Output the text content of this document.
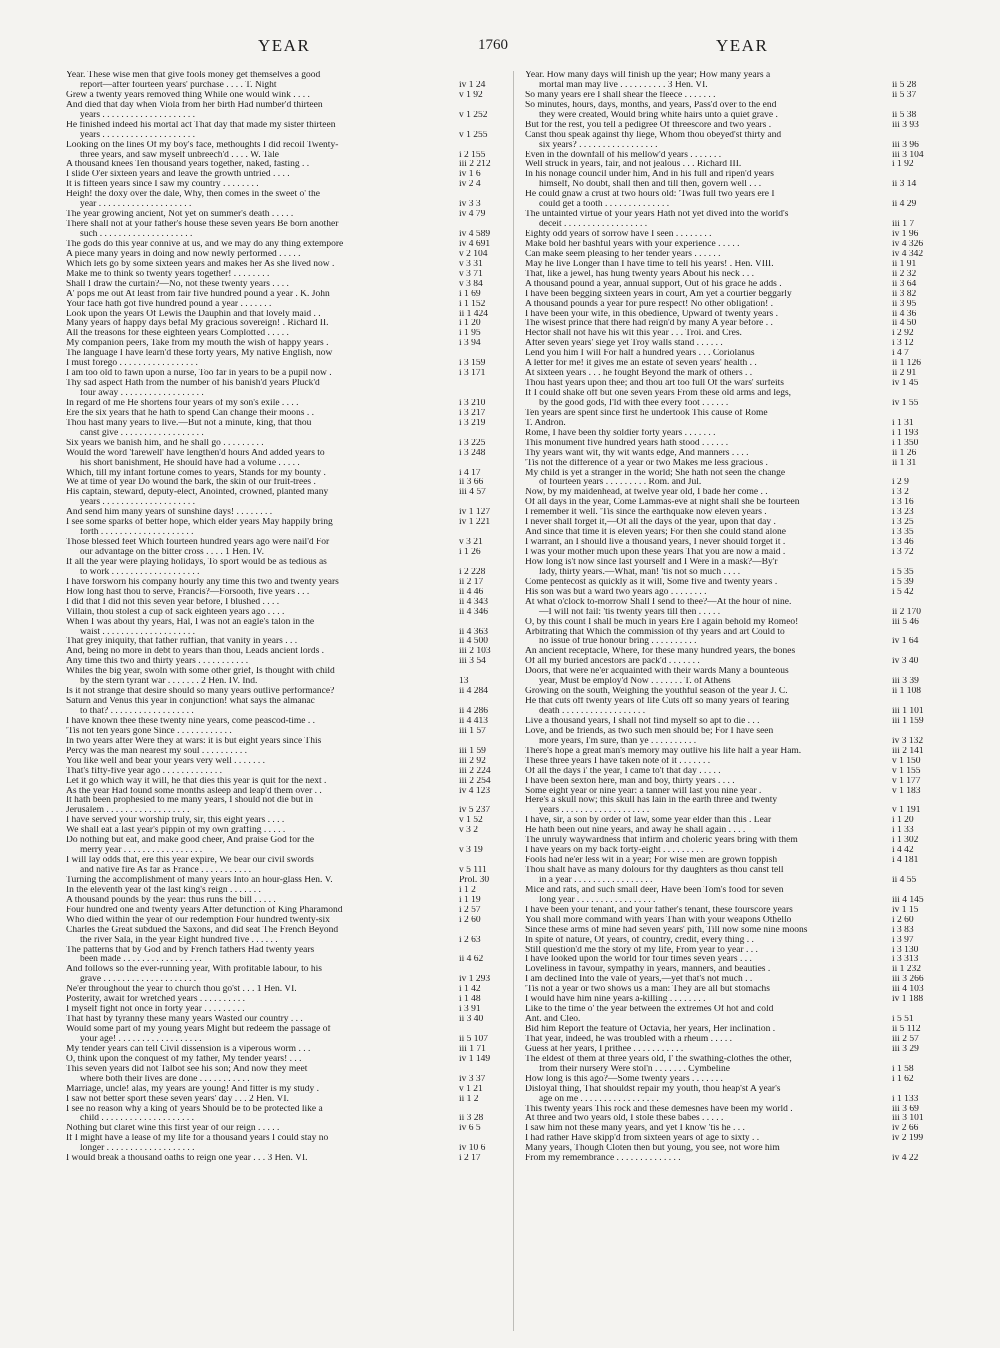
YEAR	1760	YEAR
Year. These wise men that give fools money get themselves a good
report—after fourteen years' purchase . . . . T. Night	iv 1 24
Grew a twenty years removed thing While one would wink . . . .	v 1 92
And died that day when Viola from her birth Had number'd thirteen
years . . . . . . . . . . . . . . . . . . . .	v 1 252
He finished indeed his mortal act That day that made my sister thirteen
years . . . . . . . . . . . . . . . . . . . .	v 1 255
Looking on the lines Of my boy's face, methoughts I did recoil Twenty-
three years, and saw myself unbreech'd . . . . W. Tale	i 2 155
A thousand knees Ten thousand years together, naked, fasting . .	iii 2 212
I slide O'er sixteen years and leave the growth untried . . . .	iv 1 6
It is fifteen years since I saw my country . . . . . . . .	iv 2 4
Heigh! the doxy over the dale, Why, then comes in the sweet o' the
year . . . . . . . . . . . . . . . . . . . .	iv 3 3
The year growing ancient, Not yet on summer's death . . . . .	iv 4 79
There shall not at your father's house these seven years Be born another
such . . . . . . . . . . . . . . . . . . . .	iv 4 589
The gods do this year connive at us, and we may do any thing extempore	iv 4 691
A piece many years in doing and now newly performed . . . . .	v 2 104
Which lets go by some sixteen years and makes her As she lived now .	v 3 31
Make me to think so twenty years together! . . . . . . . .	v 3 71
Shall I draw the curtain?—No, not these twenty years . . . .	v 3 84
A' pops me out At least from fair five hundred pound a year . K. John	i 1 69
Your face hath got five hundred pound a year . . . . . . .	i 1 152
Look upon the years Of Lewis the Dauphin and that lovely maid . .	ii 1 424
Many years of happy days befal My gracious sovereign! . Richard II.	i 1 20
All the treasons for these eighteen years Complotted . . . . .	i 1 95
My companion peers, Take from my mouth the wish of happy years .	i 3 94
The language I have learn'd these forty years, My native English, now
I must forego . . . . . . . . . . . . . . . . .	i 3 159
I am too old to fawn upon a nurse, Too far in years to be a pupil now .	i 3 171
Thy sad aspect Hath from the number of his banish'd years Pluck'd
four away . . . . . . . . . . . . . . . . . .
In regard of me He shortens four years of my son's exile . . . .	i 3 210
Ere the six years that he hath to spend Can change their moons . .	i 3 217
Thou hast many years to live.—But not a minute, king, that thou	i 3 219
canst give . . . . . . . . . . . . . . . . . .
Six years we banish him, and he shall go . . . . . . . . .	i 3 225
Would the word 'farewell' have lengthen'd hours And added years to	i 3 248
his short banishment, He should have had a volume . . . . .
Which, till my infant fortune comes to years, Stands for my bounty .	i 4 17
We at time of year Do wound the bark, the skin of our fruit-trees .	ii 3 66
His captain, steward, deputy-elect, Anointed, crowned, planted many	iii 4 57
years . . . . . . . . . . . . . . . . . . . .
And send him many years of sunshine days! . . . . . . . .	iv 1 127
I see some sparks of better hope, which elder years May happily bring	iv 1 221
forth . . . . . . . . . . . . . . . . . . . .
Those blessed feet Which fourteen hundred years ago were nail'd For	v 3 21
our advantage on the bitter cross . . . . 1 Hen. IV.	i 1 26
If all the year were playing holidays, To sport would be as tedious as
to work . . . . . . . . . . . . . . . . . . .	i 2 228
I have forsworn his company hourly any time this two and twenty years	ii 2 17
How long hast thou to serve, Francis?—Forsooth, five years . . .	ii 4 46
I did that I did not this seven year before, I blushed . . . .	ii 4 343
Villain, thou stolest a cup of sack eighteen years ago . . . .	ii 4 346
When I was about thy years, Hal, I was not an eagle's talon in the
waist . . . . . . . . . . . . . . . . . . . .	ii 4 363
That grey iniquity, that father ruffian, that vanity in years . . .	ii 4 500
And, being no more in debt to years than thou, Leads ancient lords .	iii 2 103
Any time this two and thirty years . . . . . . . . . . .	iii 3 54
Whiles the big year, swoln with some other grief, Is thought with child
by the stern tyrant war . . . . . . . 2 Hen. IV. Ind.	13
Is it not strange that desire should so many years outlive performance?	ii 4 284
Saturn and Venus this year in conjunction! what says the almanac
to that? . . . . . . . . . . . . . . . . . .	ii 4 286
I have known thee these twenty nine years, come peascod-time . .	ii 4 413
'Tis not ten years gone Since . . . . . . . . . . . .	iii 1 57
In two years after Were they at wars: it is but eight years since This
Percy was the man nearest my soul . . . . . . . . . .	iii 1 59
You like well and bear your years very well . . . . . . .	iii 2 92
That's fifty-five year ago . . . . . . . . . . . . .	iii 2 224
Let it go which way it will, he that dies this year is quit for the next .	iii 2 254
As the year Had found some months asleep and leap'd them over . .	iv 4 123
It hath been prophesied to me many years, I should not die but in
Jerusalem . . . . . . . . . . . . . . . . . .	iv 5 237
I have served your worship truly, sir, this eight years . . . .	v 1 52
We shall eat a last year's pippin of my own graffing . . . . .	v 3 2
Do nothing but eat, and make good cheer, And praise God for the
merry year . . . . . . . . . . . . . . . . .	v 3 19
I will lay odds that, ere this year expire, We bear our civil swords
and native fire As far as France . . . . . . . . . . .	v 5 111
Turning the accomplishment of many years Into an hour-glass Hen. V.	Prol. 30
In the eleventh year of the last king's reign . . . . . . .	i 1 2
A thousand pounds by the year: thus runs the bill . . . . .	i 1 19
Four hundred one and twenty years After defunction of King Pharamond	i 2 57
Who died within the year of our redemption Four hundred twenty-six	i 2 60
Charles the Great subdued the Saxons, and did seat The French Beyond
the river Sala, in the year Eight hundred five . . . . . .	i 2 63
The patterns that by God and by French fathers Had twenty years
been made . . . . . . . . . . . . . . . . .	ii 4 62
And follows so the ever-running year, With profitable labour, to his
grave . . . . . . . . . . . . . . . . . . . .	iv 1 293
Ne'er throughout the year to church thou go'st . . . 1 Hen. VI.	i 1 42
Posterity, await for wretched years . . . . . . . . . .	i 1 48
I myself fight not once in forty year . . . . . . . . .	i 3 91
That hast by tyranny these many years Wasted our country . . .	ii 3 40
Would some part of my young years Might but redeem the passage of
your age! . . . . . . . . . . . . . . . . . .	ii 5 107
My tender years can tell Civil dissension is a viperous worm . . .	iii 1 71
O, think upon the conquest of my father, My tender years! . . .	iv 1 149
This seven years did not Talbot see his son; And now they meet
where both their lives are done . . . . . . . . . . .	iv 3 37
Marriage, uncle! alas, my years are young! And fitter is my study .	v 1 21
I saw not better sport these seven years' day . . . 2 Hen. VI.	ii 1 2
I see no reason why a king of years Should be to be protected like a
child . . . . . . . . . . . . . . . . . . . .	ii 3 28
Nothing but claret wine this first year of our reign . . . . .	iv 6 5
If I might have a lease of my life for a thousand years I could stay no
longer . . . . . . . . . . . . . . . . . . .	iv 10 6
I would break a thousand oaths to reign one year . . . 3 Hen. VI.	i 2 17
Year. How many days will finish up the year; How many years a
mortal man may live . . . . . . . . . . 3 Hen. VI.	ii 5 28
So many years ere I shall shear the fleece . . . . . . .	ii 5 37
So minutes, hours, days, months, and years, Pass'd over to the end
they were created, Would bring white hairs unto a quiet grave .	ii 5 38
But for the rest, you tell a pedigree Of threescore and two years .	iii 3 93
Canst thou speak against thy liege, Whom thou obeyed'st thirty and
six years? . . . . . . . . . . . . . . . . .	iii 3 96
Even in the downfall of his mellow'd years . . . . . . .	iii 3 104
Well struck in years, fair, and not jealous . . . Richard III.	i 1 92
In his nonage council under him, And in his full and ripen'd years
himself, No doubt, shall then and till then, govern well . . .	ii 3 14
He could gnaw a crust at two hours old: 'Twas full two years ere I
could get a tooth . . . . . . . . . . . . . .	ii 4 29
The untainted virtue of your years Hath not yet dived into the world's
deceit . . . . . . . . . . . . . . . . . .	iii 1 7
Eighty odd years of sorrow have I seen . . . . . . . .	iv 1 96
Make bold her bashful years with your experience . . . . .	iv 4 326
Can make seem pleasing to her tender years . . . . . .	iv 4 342
May he live Longer than I have time to tell his years! . Hen. VIII.	ii 1 91
That, like a jewel, has hung twenty years About his neck . . .	ii 2 32
A thousand pound a year, annual support, Out of his grace he adds .	ii 3 64
I have been begging sixteen years in court, Am yet a courtier beggarly	ii 3 82
A thousand pounds a year for pure respect! No other obligation! .	ii 3 95
I have been your wife, in this obedience, Upward of twenty years .	ii 4 36
The wisest prince that there had reign'd by many A year before . .	ii 4 50
Hector shall not have his wit this year . . . Troi. and Cres.	i 2 92
After seven years' siege yet Troy walls stand . . . . . .	i 3 12
Lend you him I will For half a hundred years . . . Coriolanus	i 4 7
A letter for me! it gives me an estate of seven years' health . .	ii 1 126
At sixteen years . . . he fought Beyond the mark of others . .	ii 2 91
Thou hast years upon thee; and thou art too full Of the wars' surfeits	iv 1 45
If I could shake off but one seven years From these old arms and legs,
by the good gods, I'ld with thee every foot . . . . . .	iv 1 55
Ten years are spent since first he undertook This cause of Rome
T. Andron.	i 1 31
Rome, I have been thy soldier forty years . . . . . . .	i 1 193
This monument five hundred years hath stood . . . . . .	i 1 350
Thy years want wit, thy wit wants edge, And manners . . . .	ii 1 26
'Tis not the difference of a year or two Makes me less gracious .	ii 1 31
My child is yet a stranger in the world; She hath not seen the change
of fourteen years . . . . . . . . . Rom. and Jul.	i 2 9
Now, by my maidenhead, at twelve year old, I bade her come . .	i 3 2
Of all days in the year, Come Lammas-eve at night shall she be fourteen	i 3 16
I remember it well. 'Tis since the earthquake now eleven years .	i 3 23
I never shall forget it,—Of all the days of the year, upon that day .	i 3 25
And since that time it is eleven years; For then she could stand alone	i 3 35
I warrant, an I should live a thousand years, I never should forget it .	i 3 46
I was your mother much upon these years That you are now a maid .	i 3 72
How long is't now since last yourself and I Were in a mask?—By'r
lady, thirty years.—What, man! 'tis not so much . . . .	i 5 35
Come pentecost as quickly as it will, Some five and twenty years .	i 5 39
His son was but a ward two years ago . . . . . . . .	i 5 42
At what o'clock to-morrow Shall I send to thee?—At the hour of nine.
—I will not fail: 'tis twenty years till then . . . . .	ii 2 170
O, by this count I shall be much in years Ere I again behold my Romeo!	iii 5 46
Arbitrating that Which the commission of thy years and art Could to
no issue of true honour bring . . . . . . . . . .	iv 1 64
An ancient receptacle, Where, for these many hundred years, the bones
Of all my buried ancestors are pack'd . . . . . . .	iv 3 40
Doors, that were ne'er acquainted with their wards Many a bounteous
year, Must be employ'd Now . . . . . . . T. of Athens	iii 3 39
Growing on the south, Weighing the youthful season of the year J. C.	ii 1 108
He that cuts off twenty years of life Cuts off so many years of fearing
death . . . . . . . . . . . . . . . . . .	iii 1 101
Live a thousand years, I shall not find myself so apt to die . . .	iii 1 159
Love, and be friends, as two such men should be; For I have seen
more years, I'm sure, than ye . . . . . . . . . .	iv 3 132
There's hope a great man's memory may outlive his life half a year Ham.	iii 2 141
These three years I have taken note of it . . . . . . .	v 1 150
Of all the days i' the year, I came to't that day . . . . .	v 1 155
I have been sexton here, man and boy, thirty years . . . .	v 1 177
Some eight year or nine year: a tanner will last you nine year .	v 1 183
Here's a skull now; this skull has lain in the earth three and twenty
years . . . . . . . . . . . . . . . . . . .	v 1 191
I have, sir, a son by order of law, some year elder than this . Lear	i 1 20
He hath been out nine years, and away he shall again . . . .	i 1 33
The unruly waywardness that infirm and choleric years bring with them	i 1 302
I have years on my back forty-eight . . . . . . . . .	i 4 42
Fools had ne'er less wit in a year; For wise men are grown foppish	i 4 181
Thou shalt have as many dolours for thy daughters as thou canst tell
in a year . . . . . . . . . . . . . . . . .	ii 4 55
Mice and rats, and such small deer, Have been Tom's food for seven
long year . . . . . . . . . . . . . . . . .	iii 4 145
I have been your tenant, and your father's tenant, these fourscore years	iv 1 15
You shall more command with years Than with your weapons Othello	i 2 60
Since these arms of mine had seven years' pith, Till now some nine moons	i 3 83
In spite of nature, Of years, of country, credit, every thing . .	i 3 97
Still question'd me the story of my life, From year to year . . .	i 3 130
I have looked upon the world for four times seven years . . .	i 3 313
Loveliness in favour, sympathy in years, manners, and beauties .	ii 1 232
I am declined Into the vale of years,—yet that's not much . .	iii 3 266
'Tis not a year or two shows us a man: They are all but stomachs	iii 4 103
I would have him nine years a-killing . . . . . . . .	iv 1 188
Like to the time o' the year between the extremes Of hot and cold
Ant. and Cleo.	i 5 51
Bid him Report the feature of Octavia, her years, Her inclination .	ii 5 112
That year, indeed, he was troubled with a rheum . . . . .	iii 2 57
Guess at her years, I prithee . . . . . . . . . . .	iii 3 29
The eldest of them at three years old, I' the swathing-clothes the other,
from their nursery Were stol'n . . . . . . . Cymbeline	i 1 58
How long is this ago?—Some twenty years . . . . . . .	i 1 62
Disloyal thing, That shouldst repair my youth, thou heap'st A year's
age on me . . . . . . . . . . . . . . . . .	i 1 133
This twenty years This rock and these demesnes have been my world .	iii 3 69
At three and two years old, I stole these babes . . . . .	iii 3 101
I saw him not these many years, and yet I know 'tis he . . .	iv 2 66
I had rather Have skipp'd from sixteen years of age to sixty . .	iv 2 199
Many years, Though Cloten then but young, you see, not wore him
From my remembrance . . . . . . . . . . . . . .	iv 4 22
